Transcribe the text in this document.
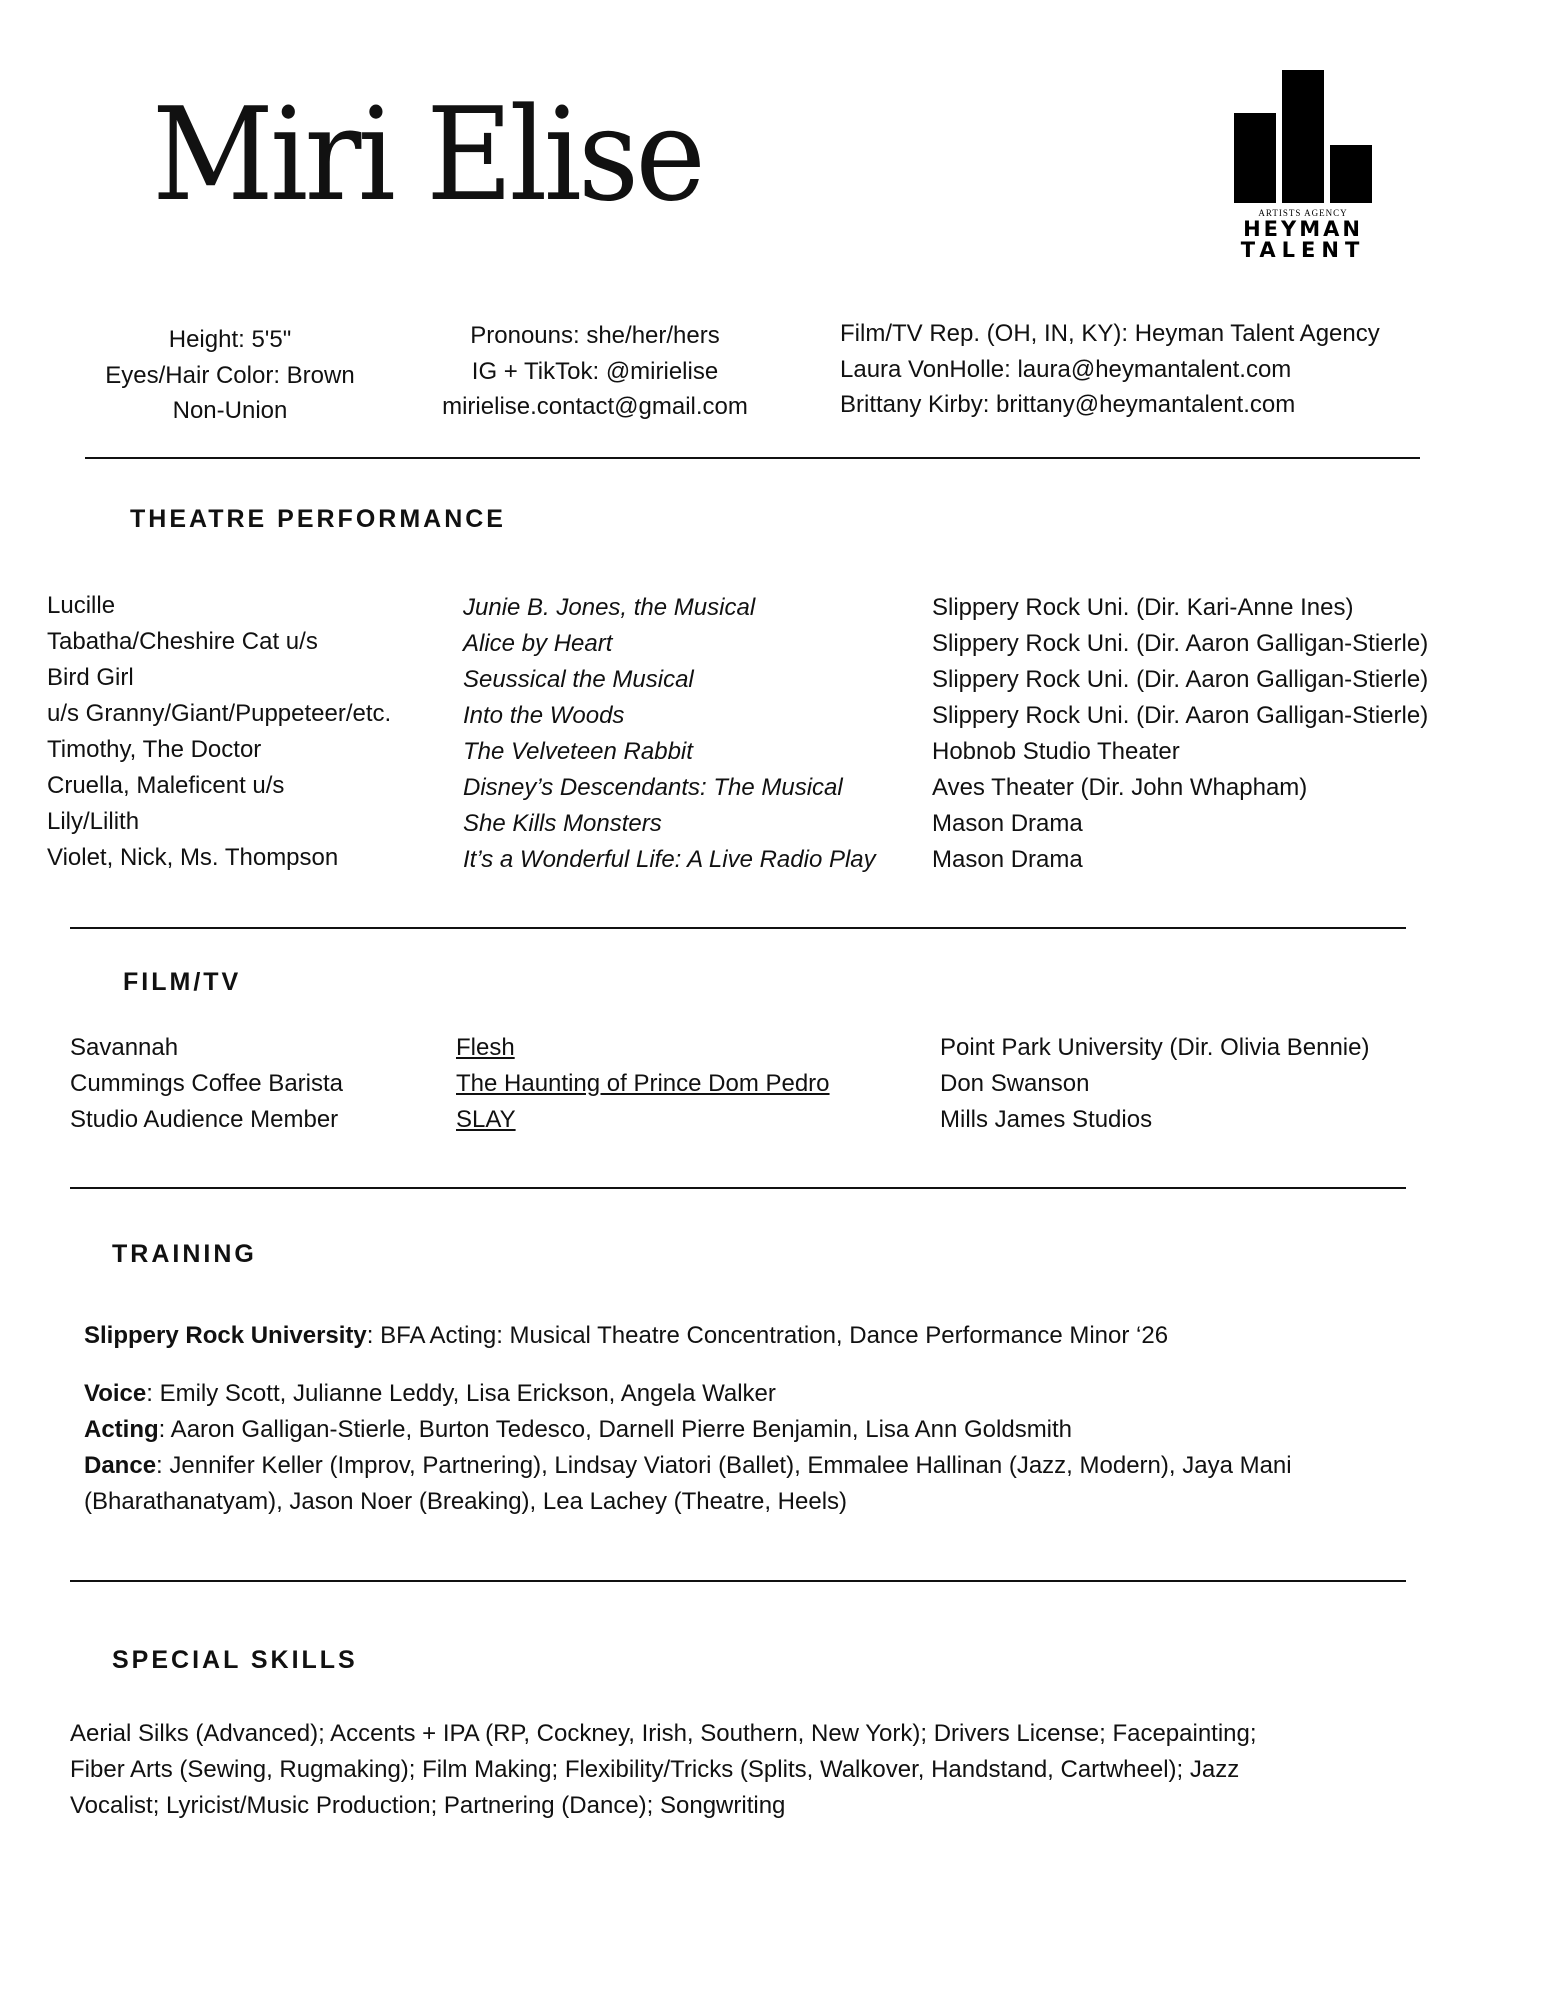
Miri Elise	ARTISTS AGENCY
HEYMAN
TALENT
Height: 5'5"
Eyes/Hair Color: Brown
Non-Union
Pronouns: she/her/hers
IG + TikTok: @mirielise
mirielise.contact@gmail.com
Film/TV Rep. (OH, IN, KY): Heyman Talent Agency
Laura VonHolle: laura@heymantalent.com
Brittany Kirby: brittany@heymantalent.com
THEATRE PERFORMANCE
Lucille
Tabatha/Cheshire Cat u/s
Bird Girl
u/s Granny/Giant/Puppeteer/etc.
Timothy, The Doctor
Cruella, Maleficent u/s
Lily/Lilith
Violet, Nick, Ms. Thompson
Junie B. Jones, the Musical
Alice by Heart
Seussical the Musical
Into the Woods
The Velveteen Rabbit
Disney’s Descendants: The Musical
She Kills Monsters
It’s a Wonderful Life: A Live Radio Play
Slippery Rock Uni. (Dir. Kari-Anne Ines)
Slippery Rock Uni. (Dir. Aaron Galligan-Stierle)
Slippery Rock Uni. (Dir. Aaron Galligan-Stierle)
Slippery Rock Uni. (Dir. Aaron Galligan-Stierle)
Hobnob Studio Theater
Aves Theater (Dir. John Whapham)
Mason Drama
Mason Drama
FILM/TV
Savannah
Cummings Coffee Barista
Studio Audience Member
Flesh
The Haunting of Prince Dom Pedro
SLAY
Point Park University (Dir. Olivia Bennie)
Don Swanson
Mills James Studios
TRAINING
Slippery Rock University: BFA Acting: Musical Theatre Concentration, Dance Performance Minor ‘26
Voice: Emily Scott, Julianne Leddy, Lisa Erickson, Angela Walker
Acting: Aaron Galligan-Stierle, Burton Tedesco, Darnell Pierre Benjamin, Lisa Ann Goldsmith
Dance: Jennifer Keller (Improv, Partnering), Lindsay Viatori (Ballet), Emmalee Hallinan (Jazz, Modern), Jaya Mani
(Bharathanatyam), Jason Noer (Breaking), Lea Lachey (Theatre, Heels)
SPECIAL SKILLS
Aerial Silks (Advanced); Accents + IPA (RP, Cockney, Irish, Southern, New York); Drivers License; Facepainting;
Fiber Arts (Sewing, Rugmaking); Film Making; Flexibility/Tricks (Splits, Walkover, Handstand, Cartwheel); Jazz
Vocalist; Lyricist/Music Production; Partnering (Dance); Songwriting
